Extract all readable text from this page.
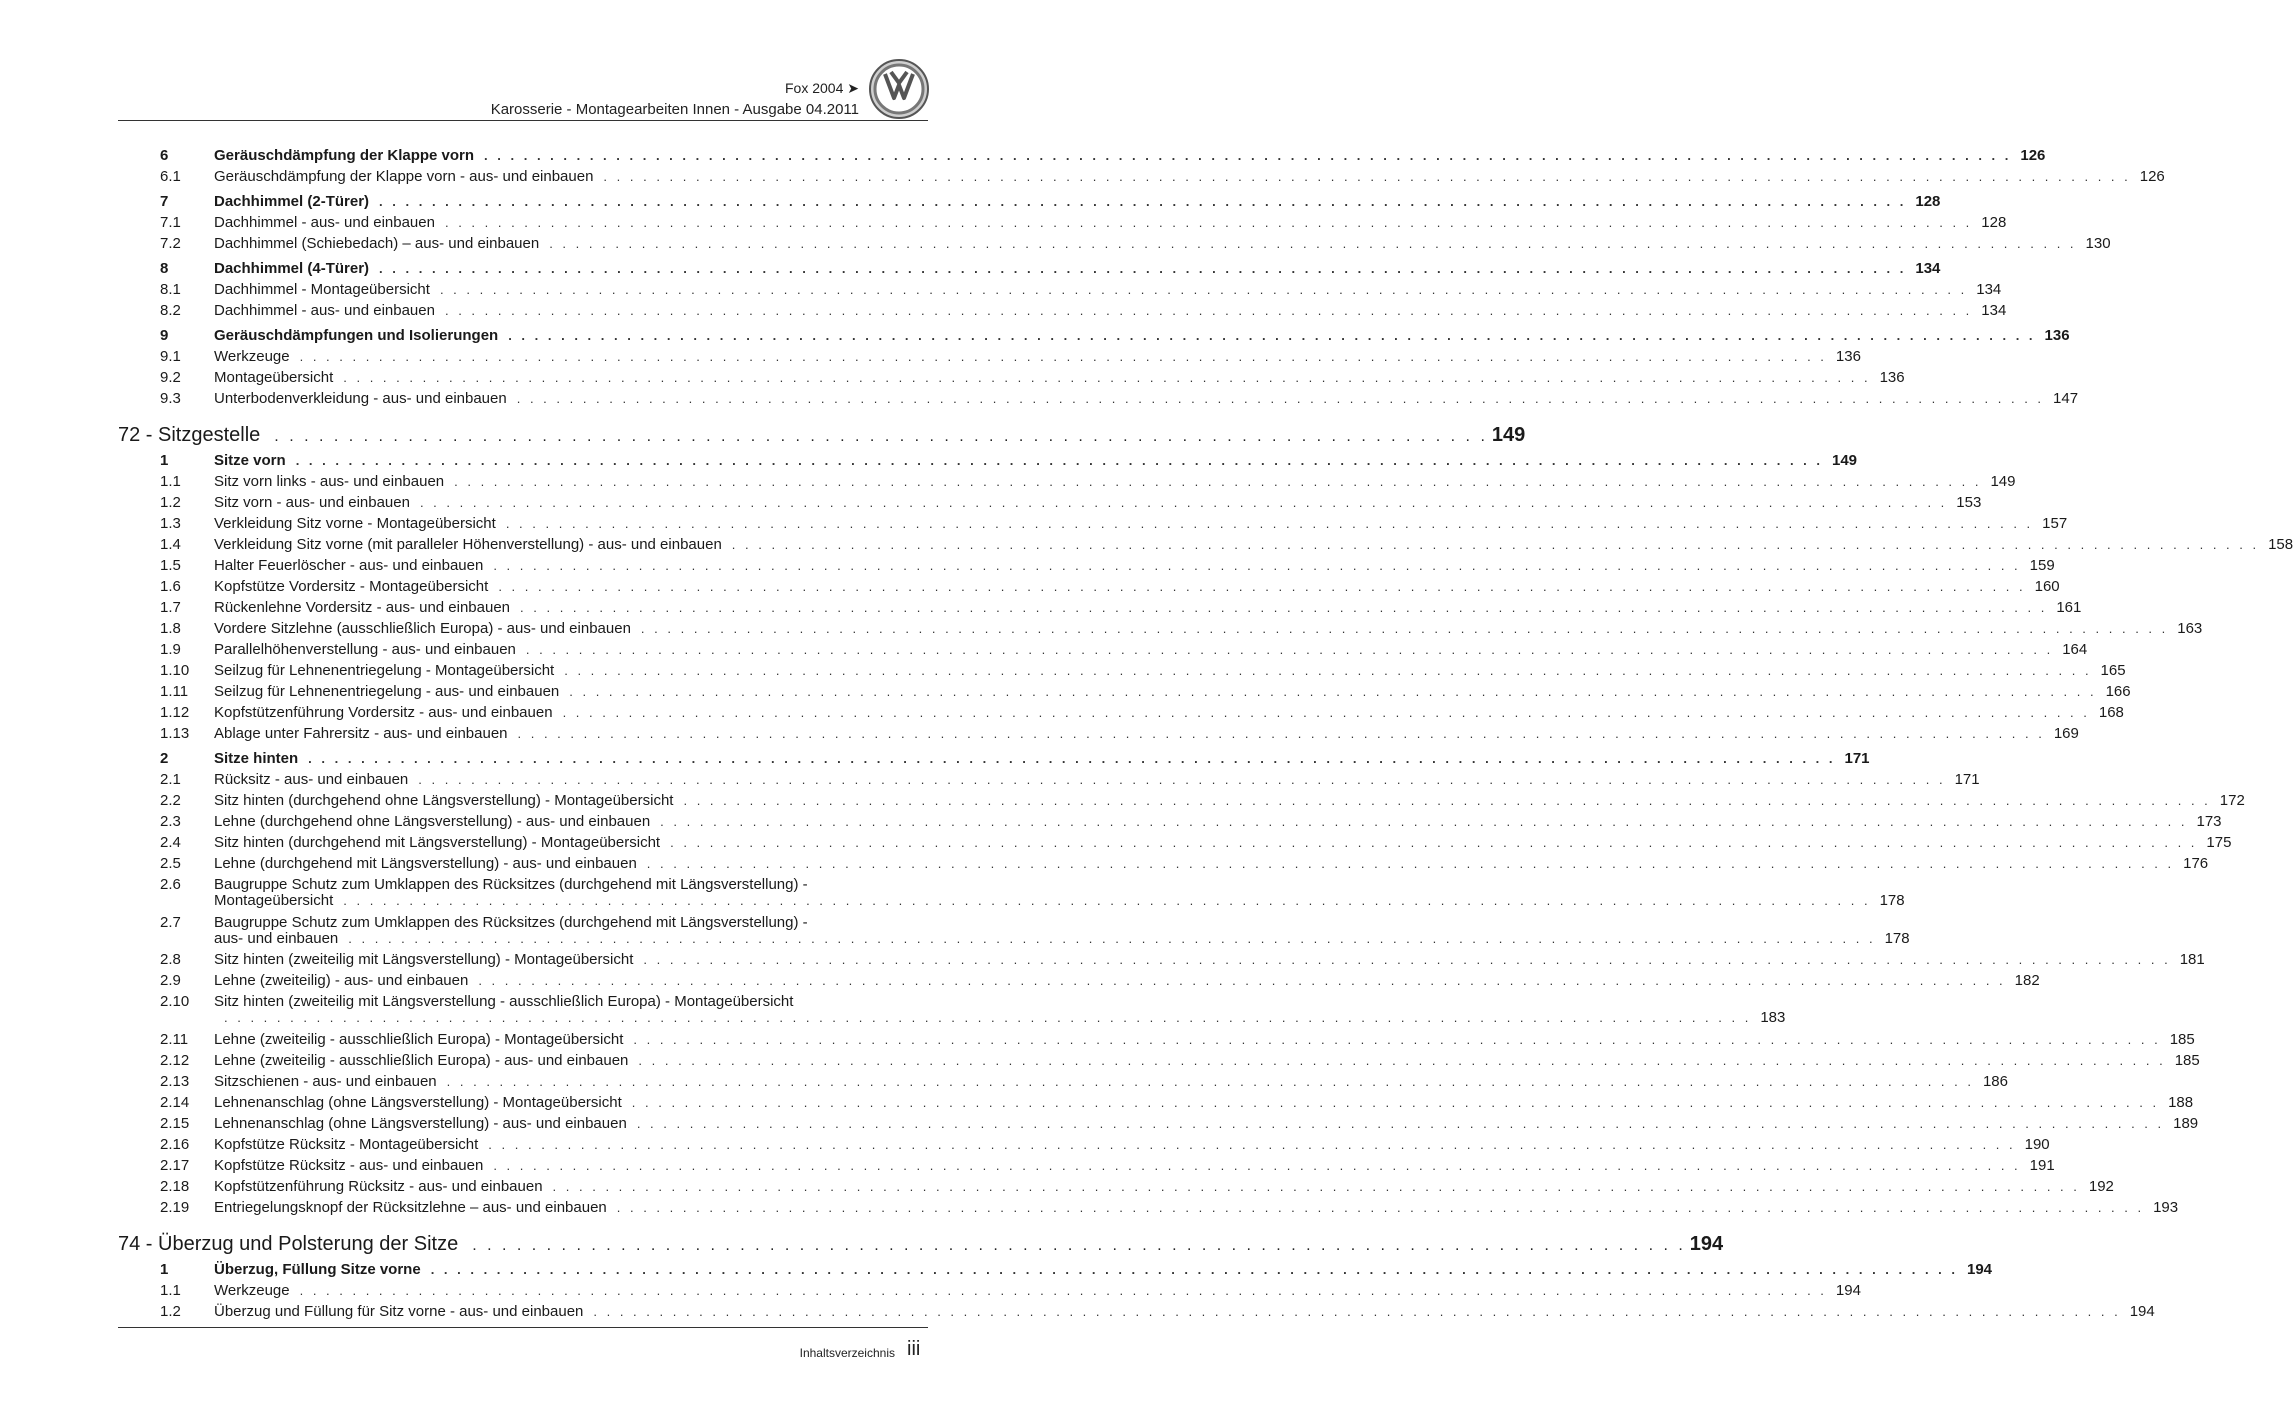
Fox 2004 ➤
Karosserie - Montagearbeiten Innen - Ausgabe 04.2011
6	Geräuschdämpfung der Klappe vorn . . .	126
6.1 Geräuschdämpfung der Klappe vorn - aus- und einbauen . . .	126
7	Dachhimmel (2-Türer) . . .	128
7.1 Dachhimmel - aus- und einbauen . . .	128
7.2 Dachhimmel (Schiebedach) – aus- und einbauen . . .	130
8	Dachhimmel (4-Türer) . . .	134
8.1 Dachhimmel - Montageübersicht . . .	134
8.2 Dachhimmel - aus- und einbauen . . .	134
9	Geräuschdämpfungen und Isolierungen . . .	136
9.1 Werkzeuge . . .	136
9.2 Montageübersicht . . .	136
9.3 Unterbodenverkleidung - aus- und einbauen . . .	147
72 - Sitzgestelle . . .	149
1	Sitze vorn . . .	149
1.1 Sitz vorn links - aus- und einbauen . . .	149
1.2 Sitz vorn - aus- und einbauen . . .	153
1.3 Verkleidung Sitz vorne - Montageübersicht . . .	157
1.4 Verkleidung Sitz vorne (mit paralleler Höhenverstellung) - aus- und einbauen . . .	158
1.5 Halter Feuerlöscher - aus- und einbauen . . .	159
1.6 Kopfstütze Vordersitz - Montageübersicht . . .	160
1.7 Rückenlehne Vordersitz - aus- und einbauen . . .	161
1.8 Vordere Sitzlehne (ausschließlich Europa) - aus- und einbauen . . .	163
1.9 Parallelhöhenverstellung - aus- und einbauen . . .	164
1.10 Seilzug für Lehnenentriegelung - Montageübersicht . . .	165
1.11 Seilzug für Lehnenentriegelung - aus- und einbauen . . .	166
1.12 Kopfstützenführung Vordersitz - aus- und einbauen . . .	168
1.13 Ablage unter Fahrersitz - aus- und einbauen . . .	169
2	Sitze hinten . . .	171
2.1 Rücksitz - aus- und einbauen . . .	171
2.2 Sitz hinten (durchgehend ohne Längsverstellung) - Montageübersicht . . .	172
2.3 Lehne (durchgehend ohne Längsverstellung) - aus- und einbauen . . .	173
2.4 Sitz hinten (durchgehend mit Längsverstellung) - Montageübersicht . . .	175
2.5 Lehne (durchgehend mit Längsverstellung) - aus- und einbauen . . .	176
2.6 Baugruppe Schutz zum Umklappen des Rücksitzes (durchgehend mit Längsverstellung) -
Montageübersicht . . .	178
2.7 Baugruppe Schutz zum Umklappen des Rücksitzes (durchgehend mit Längsverstellung) -
aus- und einbauen . . .	178
2.8 Sitz hinten (zweiteilig mit Längsverstellung) - Montageübersicht . . .	181
2.9 Lehne (zweiteilig) - aus- und einbauen . . .	182
2.10 Sitz hinten (zweiteilig mit Längsverstellung - ausschließlich Europa) - Montageübersicht
. . .
183
2.11 Lehne (zweiteilig - ausschließlich Europa) - Montageübersicht . . .	185
2.12 Lehne (zweiteilig - ausschließlich Europa) - aus- und einbauen . . .	185
2.13 Sitzschienen - aus- und einbauen . . .	186
2.14 Lehnenanschlag (ohne Längsverstellung) - Montageübersicht . . .	188
2.15 Lehnenanschlag (ohne Längsverstellung) - aus- und einbauen . . .	189
2.16 Kopfstütze Rücksitz - Montageübersicht . . .	190
2.17 Kopfstütze Rücksitz - aus- und einbauen . . .	191
2.18 Kopfstützenführung Rücksitz - aus- und einbauen . . .	192
2.19 Entriegelungsknopf der Rücksitzlehne – aus- und einbauen . . .	193
74 - Überzug und Polsterung der Sitze . . .	194
1	Überzug, Füllung Sitze vorne . . .	194
1.1 Werkzeuge . . .	194
1.2 Überzug und Füllung für Sitz vorne - aus- und einbauen . . .	194
Inhaltsverzeichnis iii
